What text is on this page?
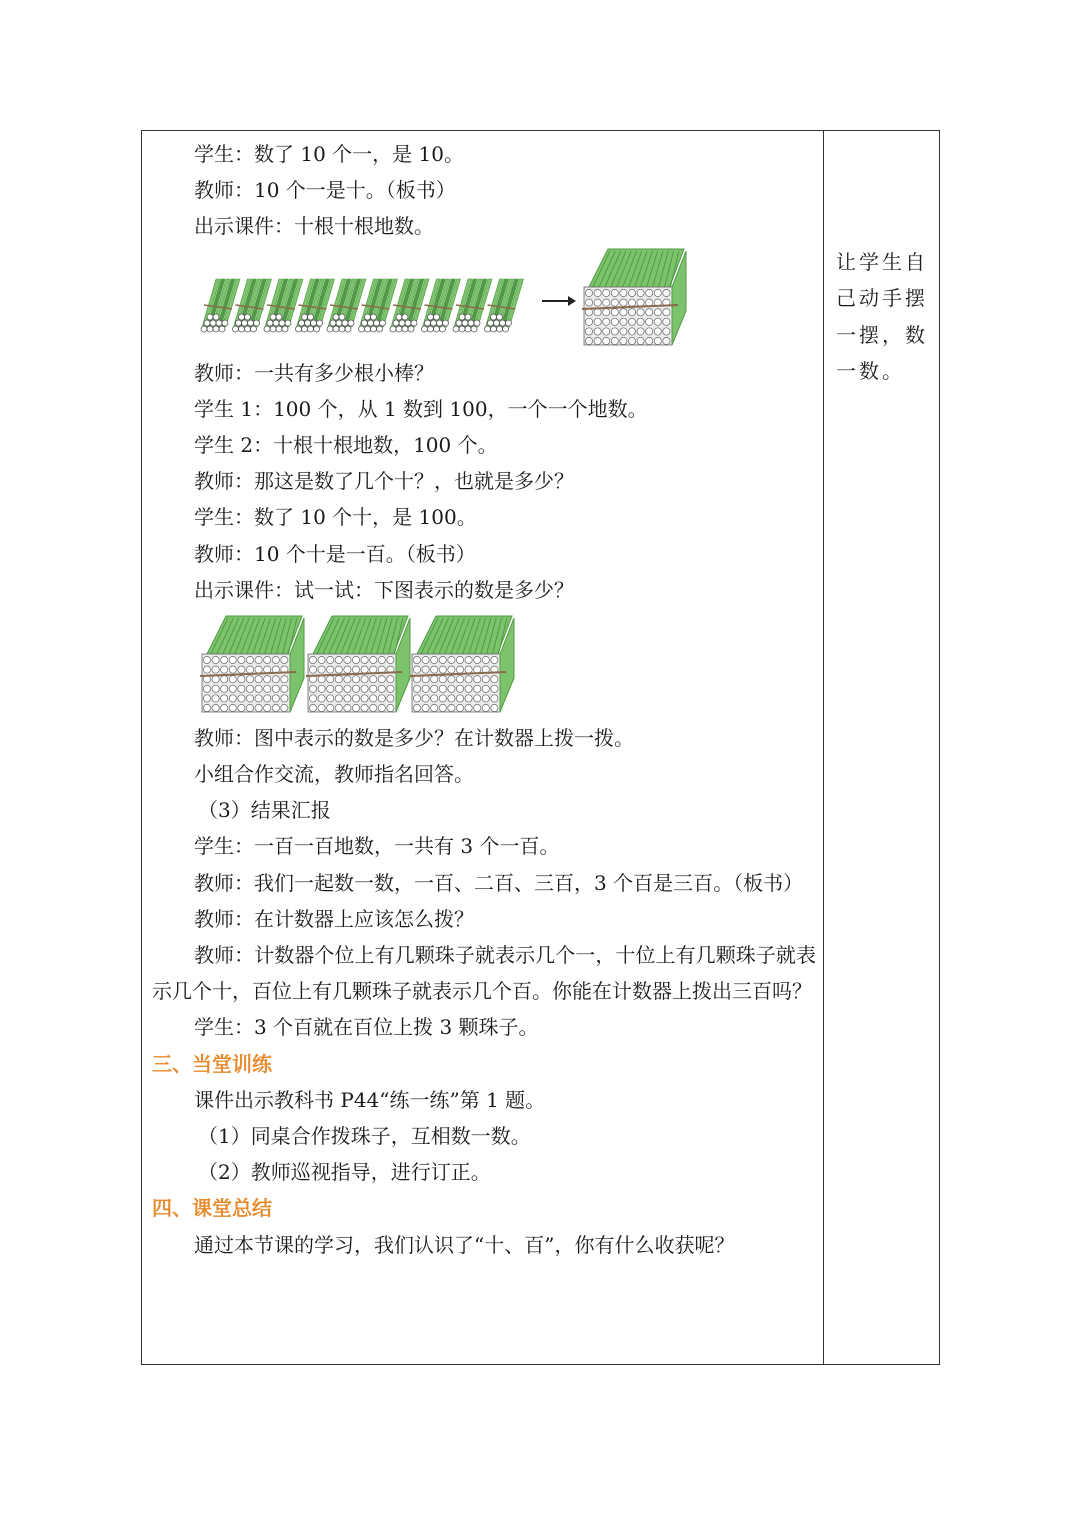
学生：数了 10 个一，是 10。
教师：10 个一是十。（板书）
出示课件：十根十根地数。
教师：一共有多少根小棒？
学生 1：100 个，从 1 数到 100，一个一个地数。
学生 2：十根十根地数，100 个。
教师：那这是数了几个十？，也就是多少？
学生：数了 10 个十，是 100。
教师：10 个十是一百。（板书）
出示课件：试一试：下图表示的数是多少？
教师：图中表示的数是多少？在计数器上拨一拨。
小组合作交流，教师指名回答。
（3）结果汇报
学生：一百一百地数，一共有 3 个一百。
教师：我们一起数一数，一百、二百、三百，3 个百是三百。（板书）
教师：在计数器上应该怎么拨？
教师：计数器个位上有几颗珠子就表示几个一，十位上有几颗珠子就表示几个十，百位上有几颗珠子就表示几个百。你能在计数器上拨出三百吗？
学生：3 个百就在百位上拨 3 颗珠子。
三、当堂训练
课件出示教科书 P44“练一练”第 1 题。
（1）同桌合作拨珠子，互相数一数。
（2）教师巡视指导，进行订正。
四、课堂总结
通过本节课的学习，我们认识了“十、百”，你有什么收获呢？
让学生自
己动手摆
一摆，数
一数。
